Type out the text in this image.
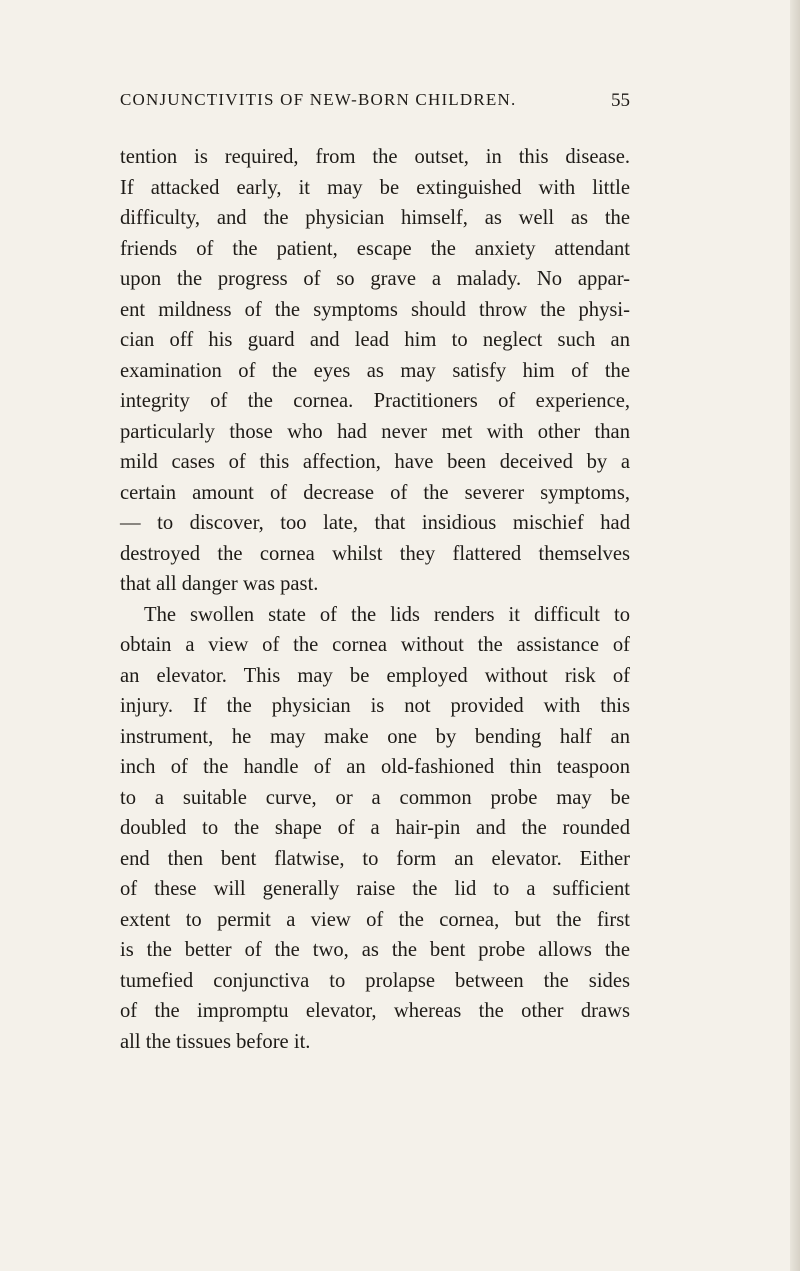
CONJUNCTIVITIS OF NEW-BORN CHILDREN.	55
tention is required, from the outset, in this disease.
If attacked early, it may be extinguished with little
difficulty, and the physician himself, as well as the
friends of the patient, escape the anxiety attendant
upon the progress of so grave a malady. No appar-
ent mildness of the symptoms should throw the physi-
cian off his guard and lead him to neglect such an
examination of the eyes as may satisfy him of the
integrity of the cornea. Practitioners of experience,
particularly those who had never met with other than
mild cases of this affection, have been deceived by a
certain amount of decrease of the severer symptoms,
— to discover, too late, that insidious mischief had
destroyed the cornea whilst they flattered themselves
that all danger was past.
The swollen state of the lids renders it difficult to
obtain a view of the cornea without the assistance of
an elevator. This may be employed without risk of
injury. If the physician is not provided with this
instrument, he may make one by bending half an
inch of the handle of an old-fashioned thin teaspoon
to a suitable curve, or a common probe may be
doubled to the shape of a hair-pin and the rounded
end then bent flatwise, to form an elevator. Either
of these will generally raise the lid to a sufficient
extent to permit a view of the cornea, but the first
is the better of the two, as the bent probe allows the
tumefied conjunctiva to prolapse between the sides
of the impromptu elevator, whereas the other draws
all the tissues before it.
